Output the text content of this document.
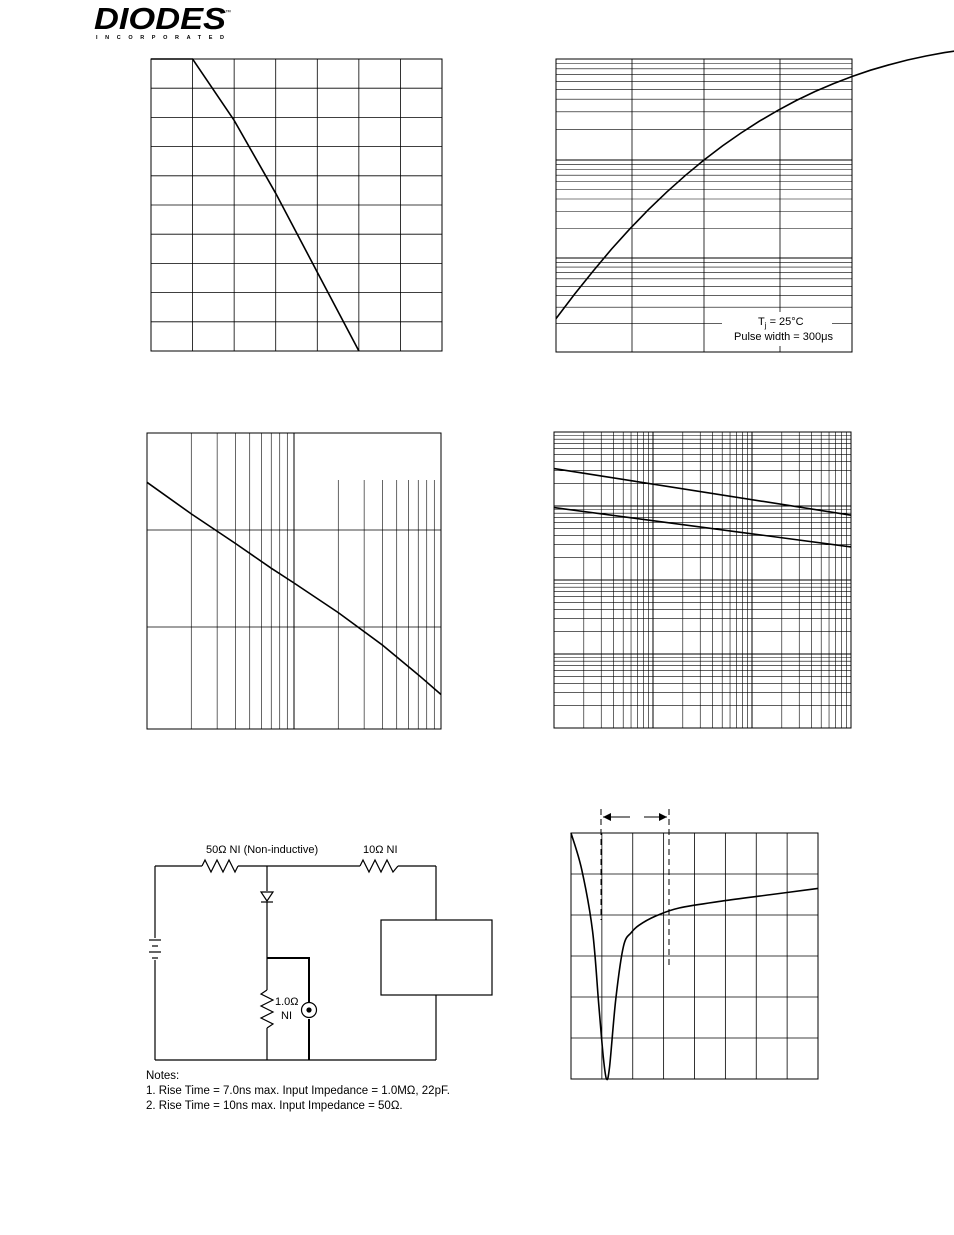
DIODES
™
INCORPORATED
$T_j = 25^\circ C$
Pulse width = 300μs
50Ω NI (Non-inductive)	10Ω NI
1.0Ω
NI
Notes:
1. Rise Time = 7.0ns max. Input Impedance = 1.0MΩ, 22pF.
2. Rise Time = 10ns max. Input Impedance = 50Ω.
